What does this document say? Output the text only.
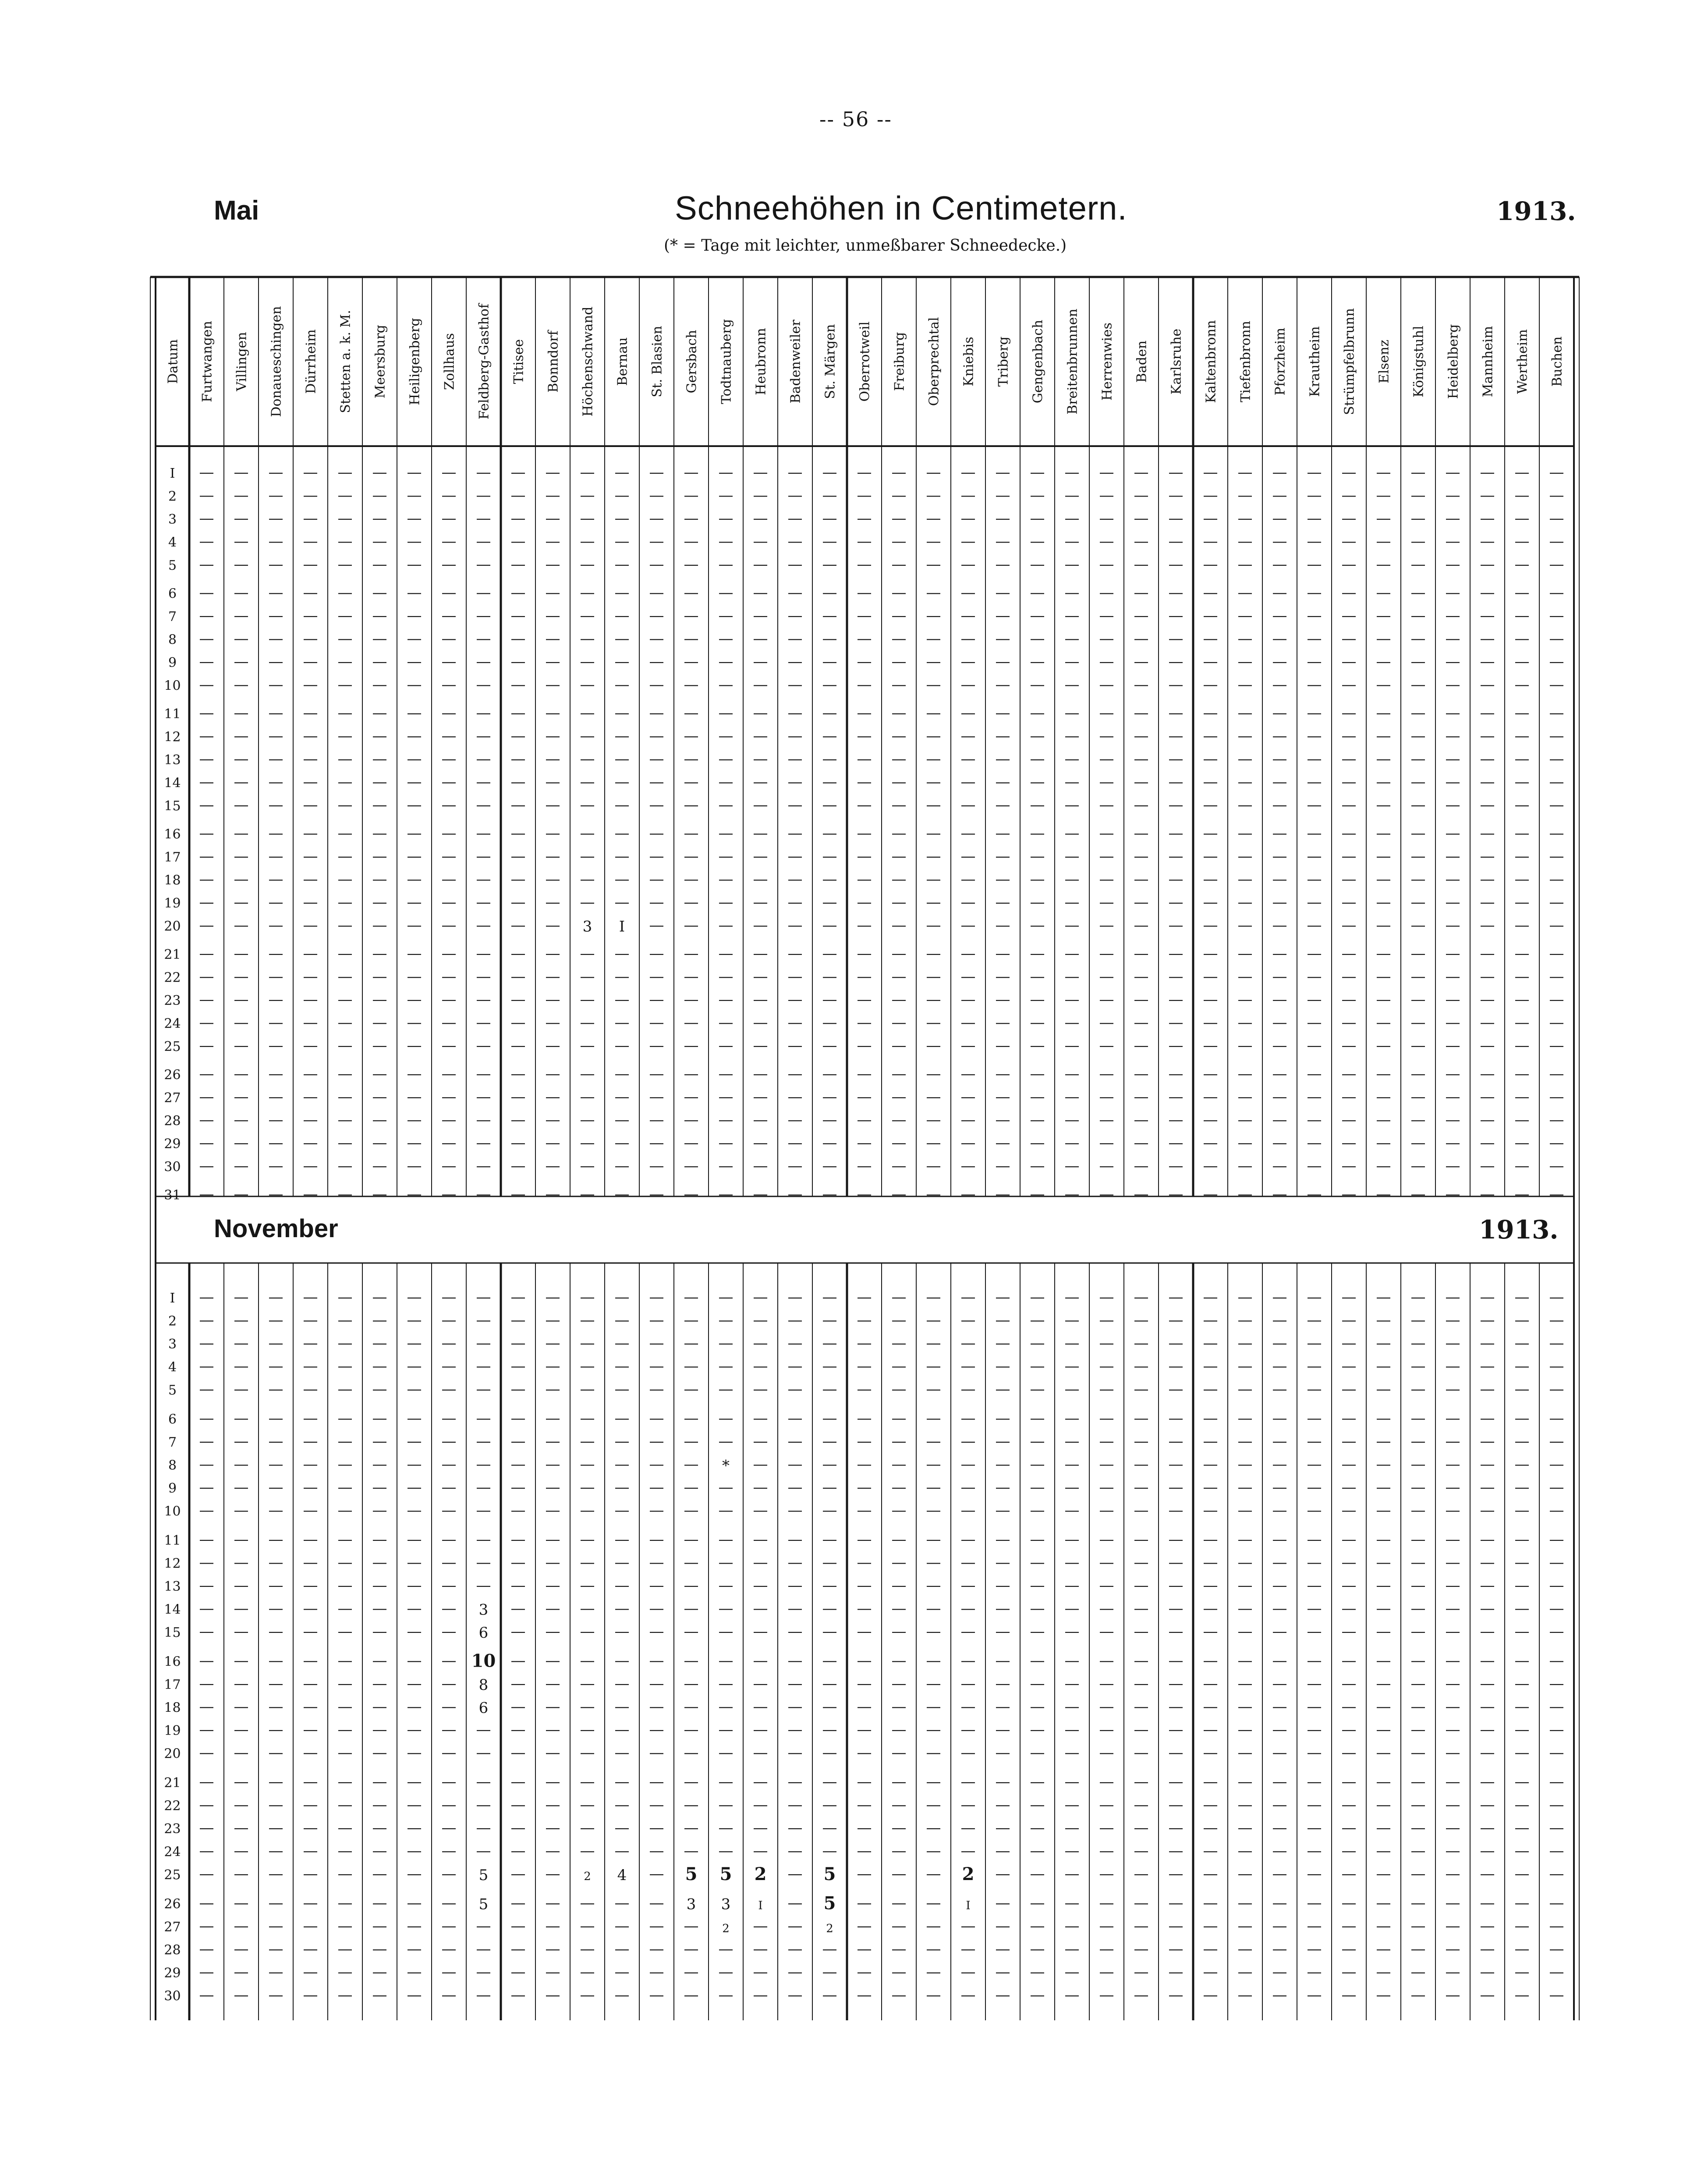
-- 56 --
Mai	Schneehöhen in Centimetern.
(* = Tage mit leichter, unmeßbarer Schneedecke.)
1913.
November	1913.
Datum Furtwangen Villingen Donaueschingen Dürrheim Stetten a. k. M. Meersburg Heiligenberg Zollhaus Feldberg-Gasthof Titisee Bonndorf Höchenschwand Bernau St. Blasien Gersbach Todtnauberg Heubronn Badenweiler St. Märgen Oberrotweil Freiburg Oberprechtal Kniebis Triberg Gengenbach Breitenbrunnen Herrenwies Baden Karlsruhe Kaltenbronn Tiefenbronn Pforzheim Krautheim Strümpfelbrunn Elsenz Königstuhl Heidelberg Mannheim Wertheim Buchen
I
2
3
4
5
6
7
8
9
10
11
12
13
14
15
16
17
18
19
20
21
22
23
24
25
26
27
28
29
30
31
— — — — — — — — — — — — — — — — — — — — — — — — — — — — — — — — — — — — — — — —
— — — — — — — — — — — — — — — — — — — — — — — — — — — — — — — — — — — — — — — —
— — — — — — — — — — — — — — — — — — — — — — — — — — — — — — — — — — — — — — — —
— — — — — — — — — — — — — — — — — — — — — — — — — — — — — — — — — — — — — — — —
— — — — — — — — — — — — — — — — — — — — — — — — — — — — — — — — — — — — — — — —
— — — — — — — — — — — — — — — — — — — — — — — — — — — — — — — — — — — — — — — —
— — — — — — — — — — — — — — — — — — — — — — — — — — — — — — — — — — — — — — — —
— — — — — — — — — — — — — — — — — — — — — — — — — — — — — — — — — — — — — — — —
— — — — — — — — — — — — — — — — — — — — — — — — — — — — — — — — — — — — — — — —
— — — — — — — — — — — — — — — — — — — — — — — — — — — — — — — — — — — — — — — —
— — — — — — — — — — — — — — — — — — — — — — — — — — — — — — — — — — — — — — — —
— — — — — — — — — — — — — — — — — — — — — — — — — — — — — — — — — — — — — — — —
— — — — — — — — — — — — — — — — — — — — — — — — — — — — — — — — — — — — — — — —
— — — — — — — — — — — — — — — — — — — — — — — — — — — — — — — — — — — — — — — —
— — — — — — — — — — — — — — — — — — — — — — — — — — — — — — — — — — — — — — — —
— — — — — — — — — — — — — — — — — — — — — — — — — — — — — — — — — — — — — — — —
— — — — — — — — — — — — — — — — — — — — — — — — — — — — — — — — — — — — — — — —
— — — — — — — — — — — — — — — — — — — — — — — — — — — — — — — — — — — — — — — —
— — — — — — — — — — — — — — — — — — — — — — — — — — — — — — — — — — — — — — — —
— — — — — — — — — — — 3 I — — — — — — — — — — — — — — — — — — — — — — — — — — —
— — — — — — — — — — — — — — — — — — — — — — — — — — — — — — — — — — — — — — — —
— — — — — — — — — — — — — — — — — — — — — — — — — — — — — — — — — — — — — — — —
— — — — — — — — — — — — — — — — — — — — — — — — — — — — — — — — — — — — — — — —
— — — — — — — — — — — — — — — — — — — — — — — — — — — — — — — — — — — — — — — —
— — — — — — — — — — — — — — — — — — — — — — — — — — — — — — — — — — — — — — — —
— — — — — — — — — — — — — — — — — — — — — — — — — — — — — — — — — — — — — — — —
— — — — — — — — — — — — — — — — — — — — — — — — — — — — — — — — — — — — — — — —
— — — — — — — — — — — — — — — — — — — — — — — — — — — — — — — — — — — — — — — —
— — — — — — — — — — — — — — — — — — — — — — — — — — — — — — — — — — — — — — — —
— — — — — — — — — — — — — — — — — — — — — — — — — — — — — — — — — — — — — — — —
— — — — — — — — — — — — — — — — — — — — — — — — — — — — — — — — — — — — — — — —
I
2
3
4
5
6
7
8
9
10
11
12
13
14
15
16
17
18
19
20
21
22
23
24
25
26
27
28
29
30
— — — — — — — — — — — — — — — — — — — — — — — — — — — — — — — — — — — — — — — —
— — — — — — — — — — — — — — — — — — — — — — — — — — — — — — — — — — — — — — — —
— — — — — — — — — — — — — — — — — — — — — — — — — — — — — — — — — — — — — — — —
— — — — — — — — — — — — — — — — — — — — — — — — — — — — — — — — — — — — — — — —
— — — — — — — — — — — — — — — — — — — — — — — — — — — — — — — — — — — — — — — —
— — — — — — — — — — — — — — — — — — — — — — — — — — — — — — — — — — — — — — — —
— — — — — — — — — — — — — — — — — — — — — — — — — — — — — — — — — — — — — — — —
— — — — — — — — — — — — — — — * — — — — — — — — — — — — — — — — — — — — — — — —
— — — — — — — — — — — — — — — — — — — — — — — — — — — — — — — — — — — — — — — —
— — — — — — — — — — — — — — — — — — — — — — — — — — — — — — — — — — — — — — — —
— — — — — — — — — — — — — — — — — — — — — — — — — — — — — — — — — — — — — — — —
— — — — — — — — — — — — — — — — — — — — — — — — — — — — — — — — — — — — — — — —
— — — — — — — — — — — — — — — — — — — — — — — — — — — — — — — — — — — — — — — —
— — — — — — — — 3 — — — — — — — — — — — — — — — — — — — — — — — — — — — — — — —
— — — — — — — — 6 — — — — — — — — — — — — — — — — — — — — — — — — — — — — — — —
— — — — — — — — 10 — — — — — — — — — — — — — — — — — — — — — — — — — — — — — — —
— — — — — — — — 8 — — — — — — — — — — — — — — — — — — — — — — — — — — — — — — —
— — — — — — — — 6 — — — — — — — — — — — — — — — — — — — — — — — — — — — — — — —
— — — — — — — — — — — — — — — — — — — — — — — — — — — — — — — — — — — — — — — —
— — — — — — — — — — — — — — — — — — — — — — — — — — — — — — — — — — — — — — — —
— — — — — — — — — — — — — — — — — — — — — — — — — — — — — — — — — — — — — — — —
— — — — — — — — — — — — — — — — — — — — — — — — — — — — — — — — — — — — — — — —
— — — — — — — — — — — — — — — — — — — — — — — — — — — — — — — — — — — — — — — —
— — — — — — — — — — — — — — — — — — — — — — — — — — — — — — — — — — — — — — — —
— — — — — — — — 5 — — 2 4 — 5 5 2 — 5 — — — 2 — — — — — — — — — — — — — — — — —
— — — — — — — — 5 — — — — — 3 3 I — 5 — — — I — — — — — — — — — — — — — — — — —
— — — — — — — — — — — — — — — 2 — — 2 — — — — — — — — — — — — — — — — — — — — —
— — — — — — — — — — — — — — — — — — — — — — — — — — — — — — — — — — — — — — — —
— — — — — — — — — — — — — — — — — — — — — — — — — — — — — — — — — — — — — — — —
— — — — — — — — — — — — — — — — — — — — — — — — — — — — — — — — — — — — — — — —
